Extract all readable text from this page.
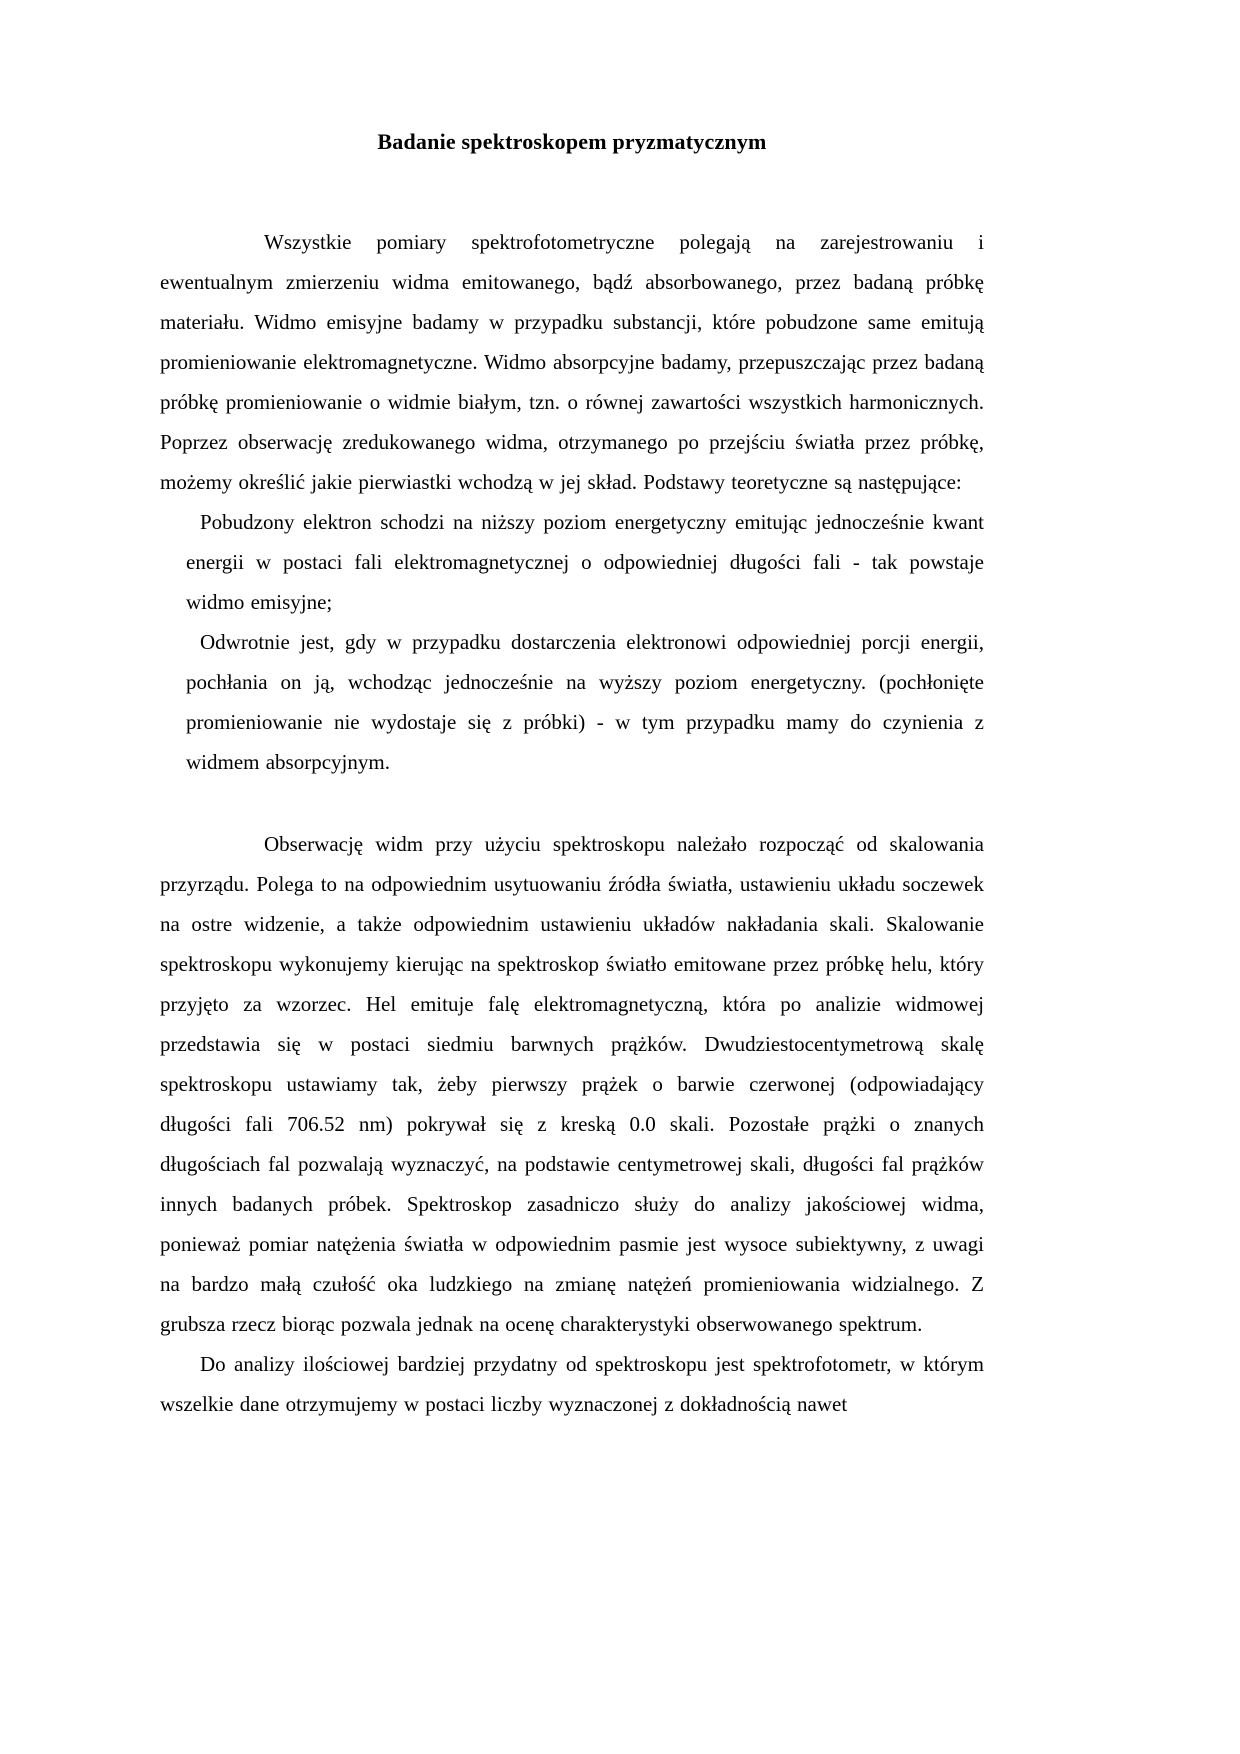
Badanie spektroskopem pryzmatycznym

Wszystkie pomiary spektrofotometryczne polegają na zarejestrowaniu i ewentualnym zmierzeniu widma emitowanego, bądź absorbowanego, przez badaną próbkę materiału. Widmo emisyjne badamy w przypadku substancji, które pobudzone same emitują promieniowanie elektromagnetyczne. Widmo absorpcyjne badamy, przepuszczając przez badaną próbkę promieniowanie o widmie białym, tzn. o równej zawartości wszystkich harmonicznych. Poprzez obserwację zredukowanego widma, otrzymanego po przejściu światła przez próbkę, możemy określić jakie pierwiastki wchodzą w jej skład. Podstawy teoretyczne są następujące:

Pobudzony elektron schodzi na niższy poziom energetyczny emitując jednocześnie kwant energii w postaci fali elektromagnetycznej o odpowiedniej długości fali - tak powstaje widmo emisyjne;

Odwrotnie jest, gdy w przypadku dostarczenia elektronowi odpowiedniej porcji energii, pochłania on ją, wchodząc jednocześnie na wyższy poziom energetyczny. (pochłonięte promieniowanie nie wydostaje się z próbki) - w tym przypadku mamy do czynienia z widmem absorpcyjnym.

Obserwację widm przy użyciu spektroskopu należało rozpocząć od skalowania przyrządu. Polega to na odpowiednim usytuowaniu źródła światła, ustawieniu układu soczewek na ostre widzenie, a także odpowiednim ustawieniu układów nakładania skali. Skalowanie spektroskopu wykonujemy kierując na spektroskop światło emitowane przez próbkę helu, który przyjęto za wzorzec. Hel emituje falę elektromagnetyczną, która po analizie widmowej przedstawia się w postaci siedmiu barwnych prążków. Dwudziestocentymetrową skalę spektroskopu ustawiamy tak, żeby pierwszy prążek o barwie czerwonej (odpowiadający długości fali 706.52 nm) pokrywał się z kreską 0.0 skali. Pozostałe prążki o znanych długościach fal pozwalają wyznaczyć, na podstawie centymetrowej skali, długości fal prążków innych badanych próbek. Spektroskop zasadniczo służy do analizy jakościowej widma, ponieważ pomiar natężenia światła w odpowiednim pasmie jest wysoce subiektywny, z uwagi na bardzo małą czułość oka ludzkiego na zmianę natężeń promieniowania widzialnego. Z grubsza rzecz biorąc pozwala jednak na ocenę charakterystyki obserwowanego spektrum.

Do analizy ilościowej bardziej przydatny od spektroskopu jest spektrofotometr, w którym wszelkie dane otrzymujemy w postaci liczby wyznaczonej z dokładnością nawet
